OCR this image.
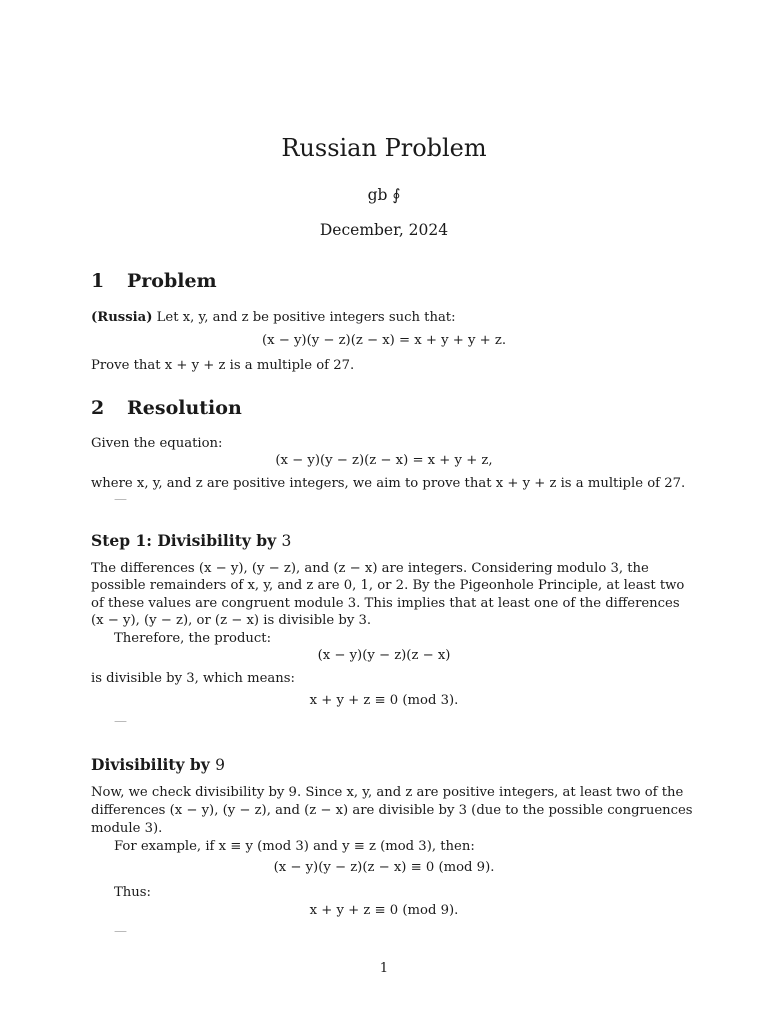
Russian Problem
gb ∮
December, 2024
1 Problem
(Russia) Let x, y, and z be positive integers such that:
(x − y)(y − z)(z − x) = x + y + y + z.
Prove that x + y + z is a multiple of 27.
2 Resolution
Given the equation:
(x − y)(y − z)(z − x) = x + y + z,
where x, y, and z are positive integers, we aim to prove that x + y + z is a multiple of 27.
—
Step 1: Divisibility by 3
The differences (x − y), (y − z), and (z − x) are integers. Considering modulo 3, the
possible remainders of x, y, and z are 0, 1, or 2. By the Pigeonhole Principle, at least two
of these values are congruent module 3. This implies that at least one of the differences
(x − y), (y − z), or (z − x) is divisible by 3.
Therefore, the product:
(x − y)(y − z)(z − x)
is divisible by 3, which means:
x + y + z ≡ 0 (mod 3).
—
Divisibility by 9
Now, we check divisibility by 9. Since x, y, and z are positive integers, at least two of the
differences (x − y), (y − z), and (z − x) are divisible by 3 (due to the possible congruences
module 3).
For example, if x ≡ y (mod 3) and y ≡ z (mod 3), then:
(x − y)(y − z)(z − x) ≡ 0 (mod 9).
Thus:
x + y + z ≡ 0 (mod 9).
—
1
